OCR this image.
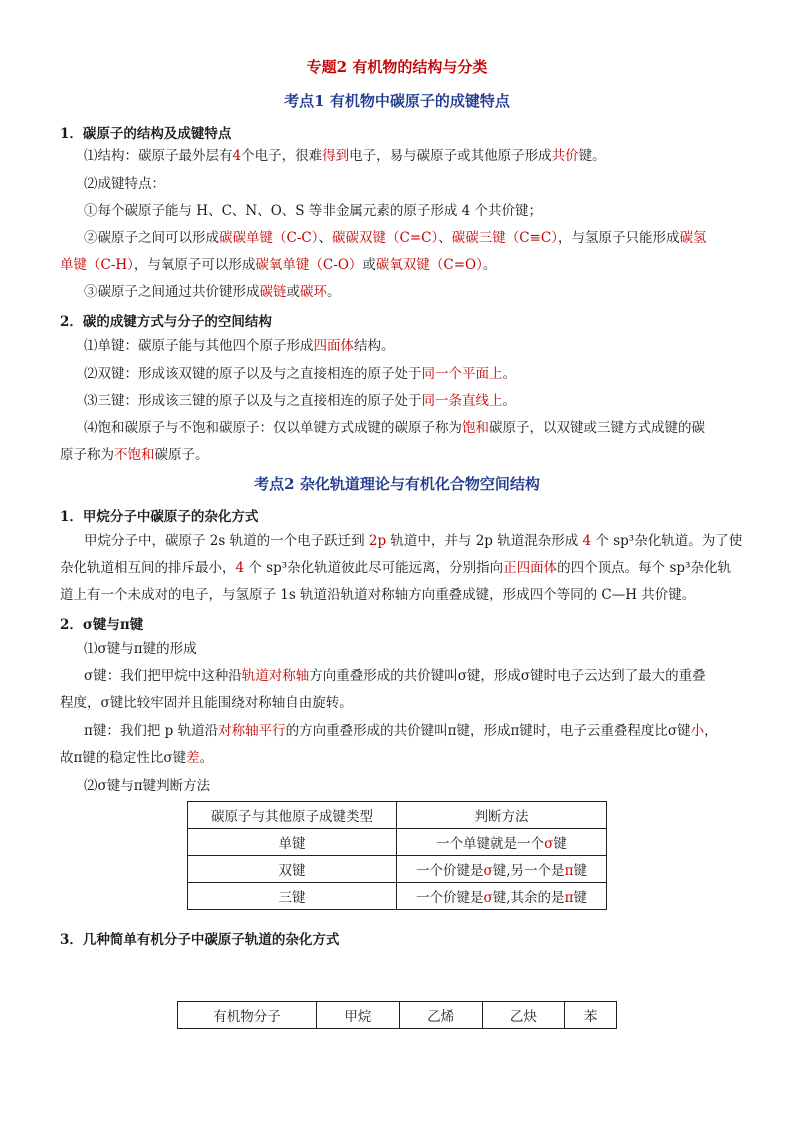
专题2 有机物的结构与分类
考点1 有机物中碳原子的成键特点
1．碳原子的结构及成键特点
⑴结构：碳原子最外层有4个电子，很难得到电子，易与碳原子或其他原子形成共价键。
⑵成键特点：
①每个碳原子能与 H、C、N、O、S 等非金属元素的原子形成 4 个共价键；
②碳原子之间可以形成碳碳单键（C-C）、碳碳双键（C=C）、碳碳三键（C≡C），与氢原子只能形成碳氢
单键（C-H），与氧原子可以形成碳氧单键（C-O）或碳氧双键（C=O）。
③碳原子之间通过共价键形成碳链或碳环。
2．碳的成键方式与分子的空间结构
⑴单键：碳原子能与其他四个原子形成四面体结构。
⑵双键：形成该双键的原子以及与之直接相连的原子处于同一个平面上。
⑶三键：形成该三键的原子以及与之直接相连的原子处于同一条直线上。
⑷饱和碳原子与不饱和碳原子：仅以单键方式成键的碳原子称为饱和碳原子，以双键或三键方式成键的碳
原子称为不饱和碳原子。
考点2 杂化轨道理论与有机化合物空间结构
1．甲烷分子中碳原子的杂化方式
甲烷分子中，碳原子 2s 轨道的一个电子跃迁到 2p 轨道中，并与 2p 轨道混杂形成 4 个 sp³杂化轨道。为了使
杂化轨道相互间的排斥最小，4 个 sp³杂化轨道彼此尽可能远离，分别指向正四面体的四个顶点。每个 sp³杂化轨
道上有一个未成对的电子，与氢原子 1s 轨道沿轨道对称轴方向重叠成键，形成四个等同的 C—H 共价键。
2．σ键与π键
⑴σ键与π键的形成
σ键：我们把甲烷中这种沿轨道对称轴方向重叠形成的共价键叫σ键，形成σ键时电子云达到了最大的重叠
程度，σ键比较牢固并且能围绕对称轴自由旋转。
π键：我们把 p 轨道沿对称轴平行的方向重叠形成的共价键叫π键，形成π键时，电子云重叠程度比σ键小，
故π键的稳定性比σ键差。
⑵σ键与π键判断方法
碳原子与其他原子成键类型	判断方法
单键	一个单键就是一个σ键
双键	一个价键是σ键,另一个是π键
三键	一个价键是σ键,其余的是π键
3．几种简单有机分子中碳原子轨道的杂化方式
有机物分子	甲烷	乙烯	乙炔	苯
